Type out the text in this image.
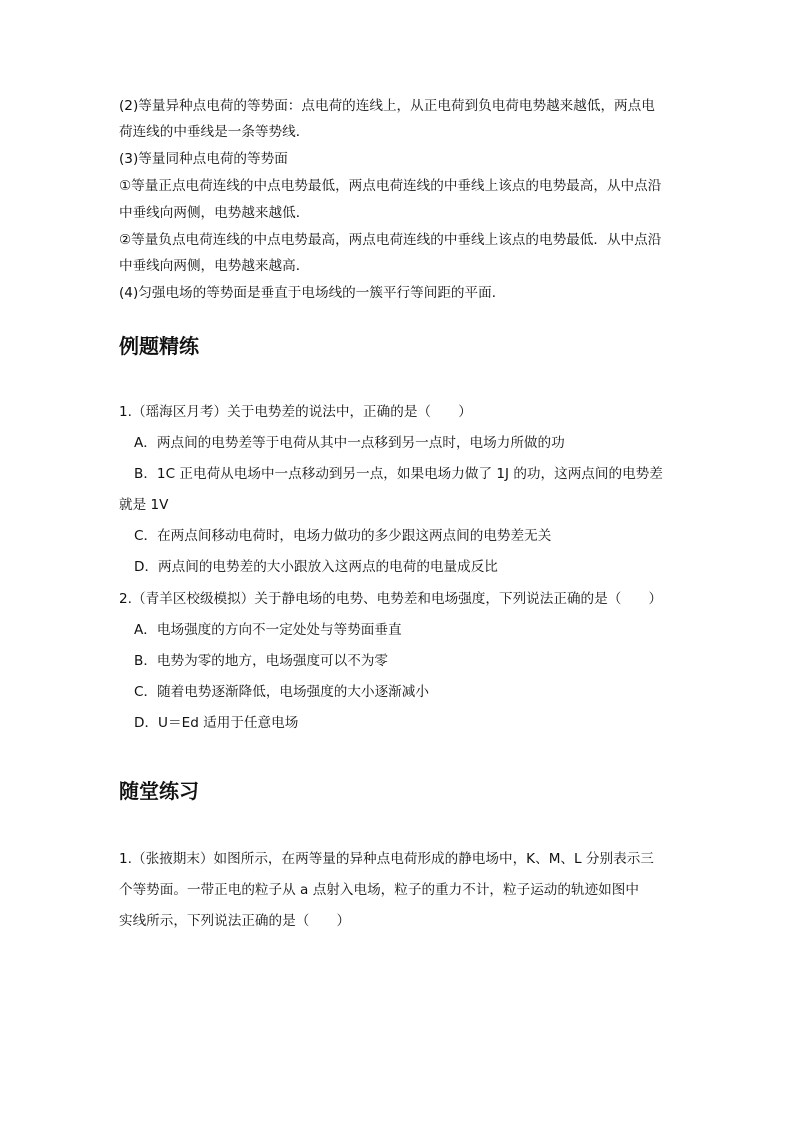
(2)等量异种点电荷的等势面：点电荷的连线上，从正电荷到负电荷电势越来越低，两点电
荷连线的中垂线是一条等势线．
(3)等量同种点电荷的等势面
①等量正点电荷连线的中点电势最低，两点电荷连线的中垂线上该点的电势最高，从中点沿
中垂线向两侧，电势越来越低．
②等量负点电荷连线的中点电势最高，两点电荷连线的中垂线上该点的电势最低．从中点沿
中垂线向两侧，电势越来越高．
(4)匀强电场的等势面是垂直于电场线的一簇平行等间距的平面．
例题精练
1.（瑶海区月考）关于电势差的说法中，正确的是（　　）
A．两点间的电势差等于电荷从其中一点移到另一点时，电场力所做的功
B．1C 正电荷从电场中一点移动到另一点，如果电场力做了 1J 的功，这两点间的电势差
就是 1V
C．在两点间移动电荷时，电场力做功的多少跟这两点间的电势差无关
D．两点间的电势差的大小跟放入这两点的电荷的电量成反比
2.（青羊区校级模拟）关于静电场的电势、电势差和电场强度，下列说法正确的是（　　）
A．电场强度的方向不一定处处与等势面垂直
B．电势为零的地方，电场强度可以不为零
C．随着电势逐渐降低，电场强度的大小逐渐减小
D．U＝Ed 适用于任意电场
随堂练习
1.（张掖期末）如图所示，在两等量的异种点电荷形成的静电场中，K、M、L 分别表示三
个等势面。一带正电的粒子从 a 点射入电场，粒子的重力不计，粒子运动的轨迹如图中
实线所示，下列说法正确的是（　　）
